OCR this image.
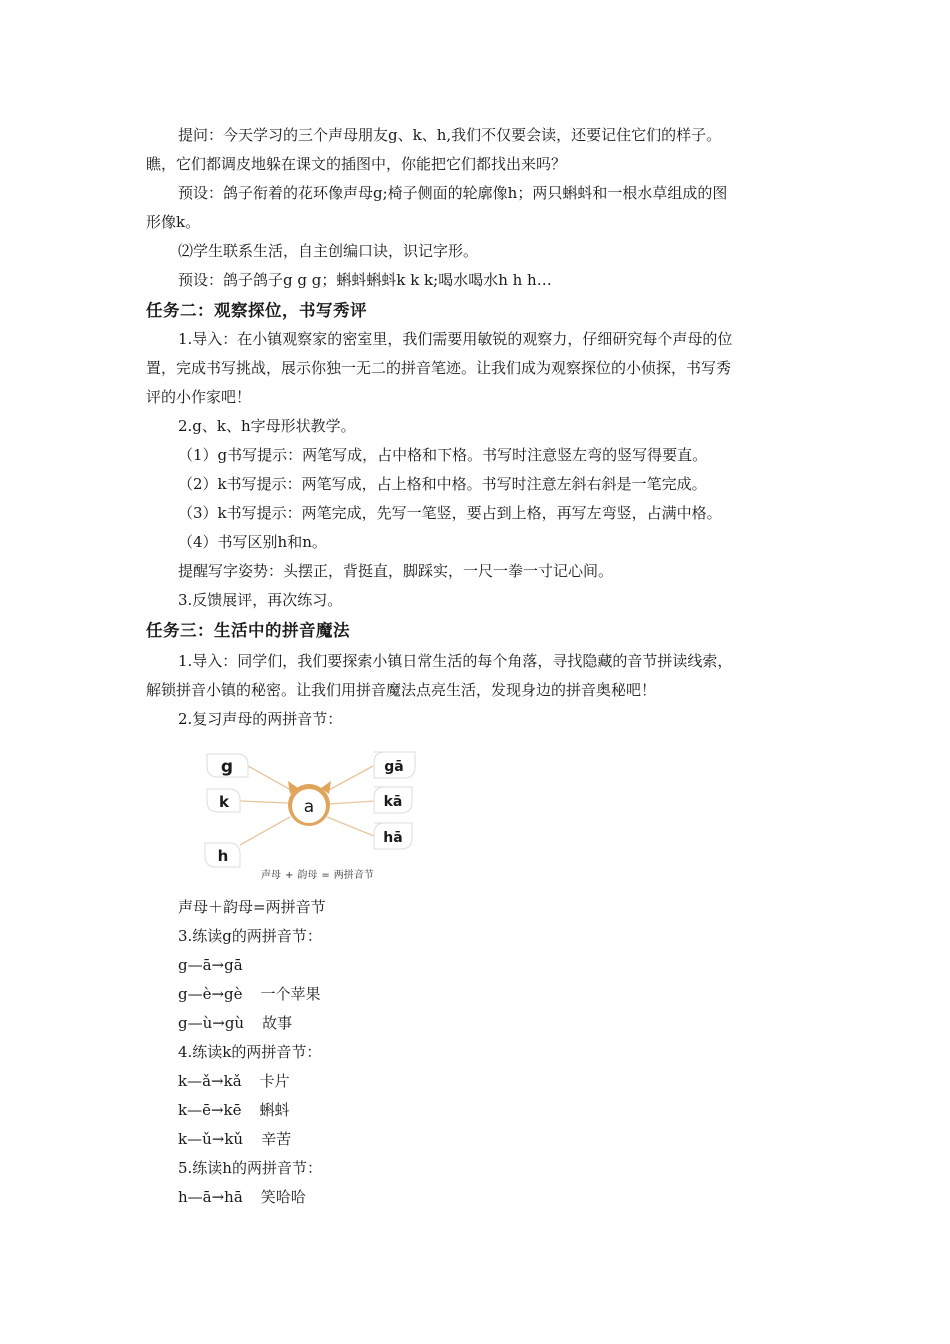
提问：今天学习的三个声母朋友g、k、h,我们不仅要会读，还要记住它们的样子。
瞧，它们都调皮地躲在课文的插图中，你能把它们都找出来吗？
预设：鸽子衔着的花环像声母g;椅子侧面的轮廓像h；两只蝌蚪和一根水草组成的图
形像k。
⑵学生联系生活，自主创编口诀，识记字形。
预设：鸽子鸽子g g g；蝌蚪蝌蚪k k k;喝水喝水h h h…
任务二：观察探位，书写秀评
1.导入：在小镇观察家的密室里，我们需要用敏锐的观察力，仔细研究每个声母的位
置，完成书写挑战，展示你独一无二的拼音笔迹。让我们成为观察探位的小侦探，书写秀
评的小作家吧！
2.g、k、h字母形状教学。
（1）g书写提示：两笔写成，占中格和下格。书写时注意竖左弯的竖写得要直。
（2）k书写提示：两笔写成，占上格和中格。书写时注意左斜右斜是一笔完成。
（3）k书写提示：两笔完成，先写一笔竖，要占到上格，再写左弯竖，占满中格。
（4）书写区别h和n。
提醒写字姿势：头摆正，背挺直，脚踩实，一尺一拳一寸记心间。
3.反馈展评，再次练习。
任务三：生活中的拼音魔法
1.导入：同学们，我们要探索小镇日常生活的每个角落，寻找隐藏的音节拼读线索，
解锁拼音小镇的秘密。让我们用拼音魔法点亮生活，发现身边的拼音奥秘吧！
2.复习声母的两拼音节：
g
k
h
a
gā
kā
hā
声母 + 韵母 = 两拼音节
声母＋韵母=两拼音节
3.练读g的两拼音节：
g—ā→gā
g—è→gè 一个苹果
g—ù→gù 故事
4.练读k的两拼音节：
k—ǎ→kǎ 卡片
k—ē→kē 蝌蚪
k—ǔ→kǔ 辛苦
5.练读h的两拼音节：
h—ā→hā 笑哈哈
